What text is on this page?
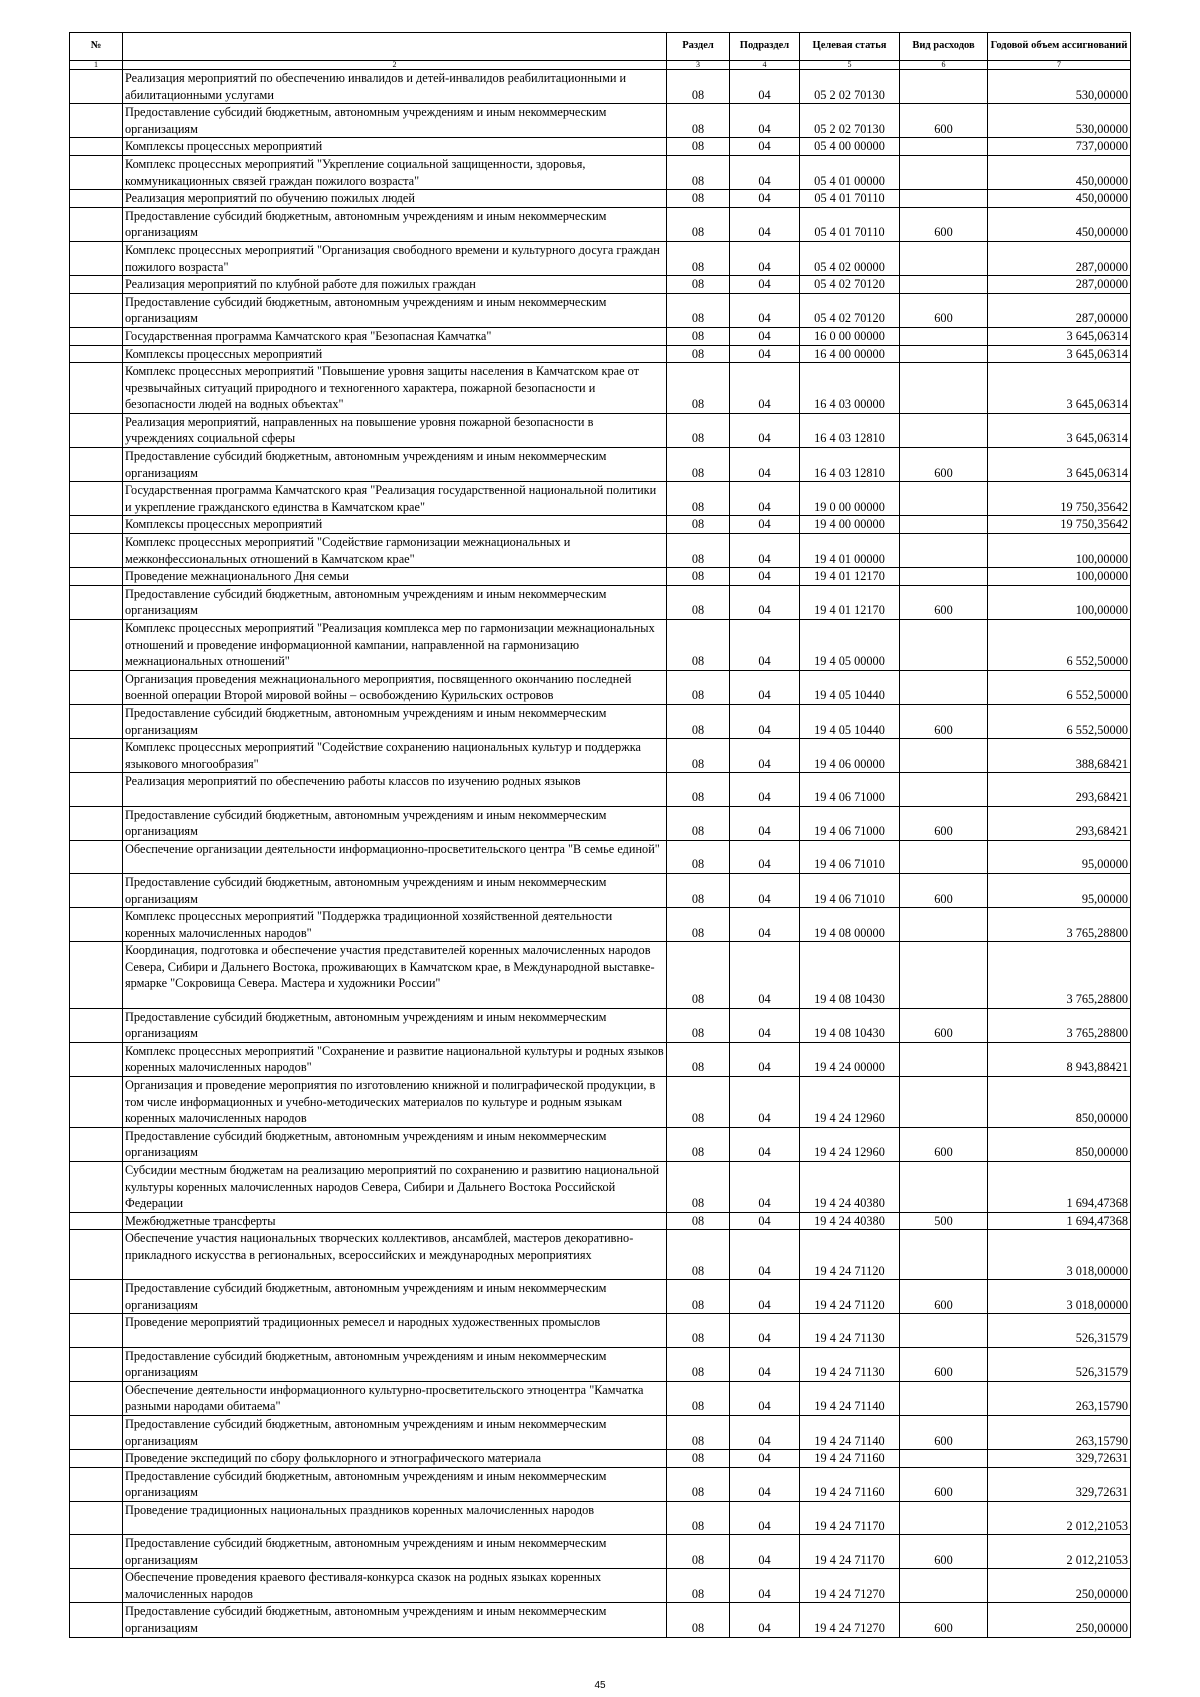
№		Раздел	Подраздел	Целевая статья	Вид расходов	Годовой объем ассигнований
1	2	3	4	5	6	7
	Реализация мероприятий по обеспечению инвалидов и детей-инвалидов реабилитационными и абилитационными услугами	08	04	05 2 02 70130		530,00000
	Предоставление субсидий бюджетным, автономным учреждениям и иным некоммерческим организациям	08	04	05 2 02 70130	600	530,00000
	Комплексы процессных мероприятий	08	04	05 4 00 00000		737,00000
	Комплекс процессных мероприятий "Укрепление социальной защищенности, здоровья, коммуникационных связей граждан пожилого возраста"	08	04	05 4 01 00000		450,00000
	Реализация мероприятий по обучению пожилых людей	08	04	05 4 01 70110		450,00000
	Предоставление субсидий бюджетным, автономным учреждениям и иным некоммерческим организациям	08	04	05 4 01 70110	600	450,00000
	Комплекс процессных мероприятий "Организация свободного времени и культурного досуга граждан пожилого возраста"	08	04	05 4 02 00000		287,00000
	Реализация мероприятий по клубной работе для пожилых граждан	08	04	05 4 02 70120		287,00000
	Предоставление субсидий бюджетным, автономным учреждениям и иным некоммерческим организациям	08	04	05 4 02 70120	600	287,00000
	Государственная программа Камчатского края "Безопасная Камчатка"	08	04	16 0 00 00000		3 645,06314
	Комплексы процессных мероприятий	08	04	16 4 00 00000		3 645,06314
	Комплекс процессных мероприятий "Повышение уровня защиты населения в Камчатском крае от чрезвычайных ситуаций природного и техногенного характера, пожарной безопасности и безопасности людей на водных объектах"	08	04	16 4 03 00000		3 645,06314
	Реализация мероприятий, направленных на повышение уровня пожарной безопасности в учреждениях социальной сферы	08	04	16 4 03 12810		3 645,06314
	Предоставление субсидий бюджетным, автономным учреждениям и иным некоммерческим организациям	08	04	16 4 03 12810	600	3 645,06314
	Государственная программа Камчатского края "Реализация государственной национальной политики и укрепление гражданского единства в Камчатском крае"	08	04	19 0 00 00000		19 750,35642
	Комплексы процессных мероприятий	08	04	19 4 00 00000		19 750,35642
	Комплекс процессных мероприятий "Содействие гармонизации межнациональных и межконфессиональных отношений в Камчатском крае"	08	04	19 4 01 00000		100,00000
	Проведение межнационального Дня семьи	08	04	19 4 01 12170		100,00000
	Предоставление субсидий бюджетным, автономным учреждениям и иным некоммерческим организациям	08	04	19 4 01 12170	600	100,00000
	Комплекс процессных мероприятий "Реализация комплекса мер по гармонизации межнациональных отношений и проведение информационной кампании, направленной на гармонизацию межнациональных отношений"	08	04	19 4 05 00000		6 552,50000
	Организация проведения межнационального мероприятия, посвященного окончанию последней военной операции Второй мировой войны – освобождению Курильских островов	08	04	19 4 05 10440		6 552,50000
	Предоставление субсидий бюджетным, автономным учреждениям и иным некоммерческим организациям	08	04	19 4 05 10440	600	6 552,50000
	Комплекс процессных мероприятий "Содействие сохранению национальных культур и поддержка языкового многообразия"	08	04	19 4 06 00000		388,68421
	Реализация мероприятий по обеспечению работы классов по изучению родных языков	08	04	19 4 06 71000		293,68421
	Предоставление субсидий бюджетным, автономным учреждениям и иным некоммерческим организациям	08	04	19 4 06 71000	600	293,68421
	Обеспечение организации деятельности информационно-просветительского центра "В семье единой"	08	04	19 4 06 71010		95,00000
	Предоставление субсидий бюджетным, автономным учреждениям и иным некоммерческим организациям	08	04	19 4 06 71010	600	95,00000
	Комплекс процессных мероприятий "Поддержка традиционной хозяйственной деятельности коренных малочисленных народов"	08	04	19 4 08 00000		3 765,28800
	Координация, подготовка и обеспечение участия представителей коренных малочисленных народов Севера, Сибири и Дальнего Востока, проживающих в Камчатском крае, в Международной выставке-ярмарке "Сокровища Севера. Мастера и художники России"	08	04	19 4 08 10430		3 765,28800
	Предоставление субсидий бюджетным, автономным учреждениям и иным некоммерческим организациям	08	04	19 4 08 10430	600	3 765,28800
	Комплекс процессных мероприятий "Сохранение и развитие национальной культуры и родных языков коренных малочисленных народов"	08	04	19 4 24 00000		8 943,88421
	Организация и проведение мероприятия по изготовлению книжной и полиграфической продукции, в том числе информационных и учебно-методических материалов по культуре и родным языкам коренных малочисленных народов	08	04	19 4 24 12960		850,00000
	Предоставление субсидий бюджетным, автономным учреждениям и иным некоммерческим организациям	08	04	19 4 24 12960	600	850,00000
	Субсидии местным бюджетам на реализацию мероприятий по сохранению и развитию национальной культуры коренных малочисленных народов Севера, Сибири и Дальнего Востока Российской Федерации	08	04	19 4 24 40380		1 694,47368
	Межбюджетные трансферты	08	04	19 4 24 40380	500	1 694,47368
	Обеспечение участия национальных творческих коллективов, ансамблей, мастеров декоративно-прикладного искусства в региональных, всероссийских и международных мероприятиях	08	04	19 4 24 71120		3 018,00000
	Предоставление субсидий бюджетным, автономным учреждениям и иным некоммерческим организациям	08	04	19 4 24 71120	600	3 018,00000
	Проведение мероприятий традиционных ремесел и народных художественных промыслов	08	04	19 4 24 71130		526,31579
	Предоставление субсидий бюджетным, автономным учреждениям и иным некоммерческим организациям	08	04	19 4 24 71130	600	526,31579
	Обеспечение деятельности информационного культурно-просветительского этноцентра "Камчатка разными народами обитаема"	08	04	19 4 24 71140		263,15790
	Предоставление субсидий бюджетным, автономным учреждениям и иным некоммерческим организациям	08	04	19 4 24 71140	600	263,15790
	Проведение экспедиций по сбору фольклорного и этнографического материала	08	04	19 4 24 71160		329,72631
	Предоставление субсидий бюджетным, автономным учреждениям и иным некоммерческим организациям	08	04	19 4 24 71160	600	329,72631
	Проведение традиционных национальных праздников коренных малочисленных народов	08	04	19 4 24 71170		2 012,21053
	Предоставление субсидий бюджетным, автономным учреждениям и иным некоммерческим организациям	08	04	19 4 24 71170	600	2 012,21053
	Обеспечение проведения краевого фестиваля-конкурса сказок на родных языках коренных малочисленных народов	08	04	19 4 24 71270		250,00000
	Предоставление субсидий бюджетным, автономным учреждениям и иным некоммерческим организациям	08	04	19 4 24 71270	600	250,00000
45
